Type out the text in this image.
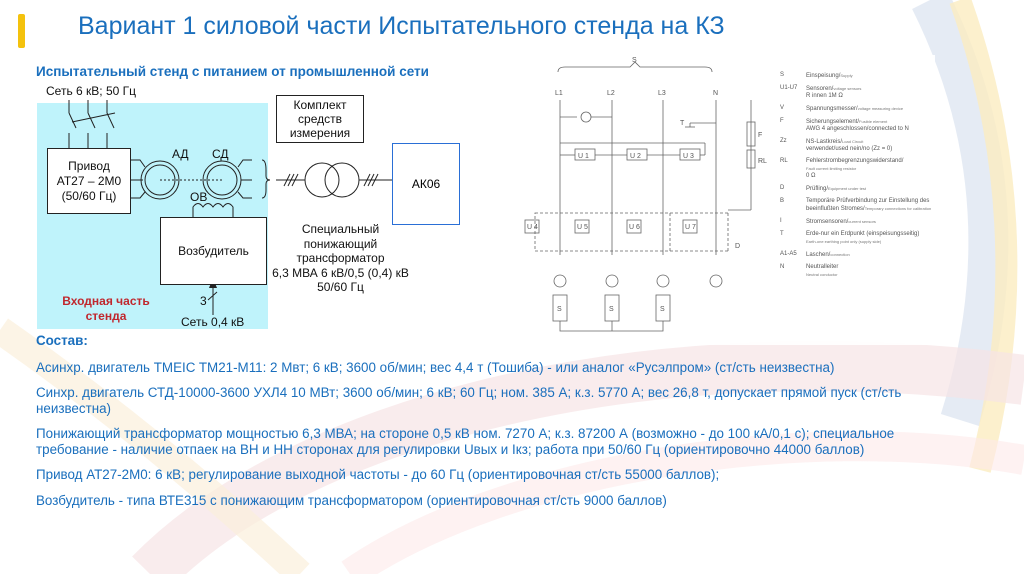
Вариант 1 силовой части Испытательного стенда на КЗ
Испытательный стенд с питанием от промышленной сети
Сеть 6 кВ; 50 Гц
Привод
АТ27 – 2М0
(50/60 Гц)
АД СД
ОВ
Возбудитель
3
Сеть 0,4 кВ
Входная часть
стенда
Комплект
средств
измерения
АК06
Специальный
понижающий
трансформатор
6,3 МВА 6 кВ/0,5 (0,4) кВ
50/60 Гц
S
L1	L2	L3	N
F
RL
T
D
U 1	U 2	U 3
U 4	U 5	U 6	U 7
S	S	S
S	Einspeisung/Supply
U1-U7	Sensoren/voltage sensors
R innen 1M Ω
V	Spannungsmesser/voltage measuring device
F	Sicherungselement/Fusible element
AWG 4 angeschlossen/connected to N
Zz	NS-Lastkreis/Load Circuit
verwendet/used nein/no (Zz = 0)
RL	Fehlerstrombegrenzungswiderstand/
Fault current limiting resistor
0 Ω
D	Prüfling/Equipment under test
B	Temporäre Prüfverbindung zur Einstellung des beeinflußten Stromes/Temporary connections for calibration
I	Stromsensoren/current sensors
T	Erde-nur ein Erdpunkt (einspeisungsseitig)
Earth-one earthing point only (supply side)
A1-A5	Laschen/connection
N	Neutralleiter
Neutral conductor
Состав:

Асинхр. двигатель TMEIC TM21-M11: 2 Мвт; 6 кВ; 3600 об/мин; вес 4,4 т (Тошиба) - или аналог «Русэлпром» (ст/сть неизвестна)

Синхр. двигатель СТД-10000-3600 УХЛ4 10 МВт; 3600 об/мин; 6 кВ; 60 Гц; ном. 385 А; к.з. 5770 А; вес 26,8 т, допускает прямой пуск (ст/сть неизвестна)

Понижающий трансформатор мощностью 6,3 МВА; на стороне 0,5 кВ ном. 7270 А; к.з. 87200 А (возможно - до 100 кА/0,1 с); специальное требование - наличие отпаек на ВН и НН сторонах для регулировки Uвых и Iкз; работа при 50/60 Гц (ориентировочно 44000 баллов)

Привод АТ27-2М0: 6 кВ; регулирование выходной частоты - до 60 Гц (ориентировочная ст/сть 55000 баллов);

Возбудитель - типа ВТЕ315 с понижающим трансформатором (ориентировочная ст/сть 9000 баллов)
